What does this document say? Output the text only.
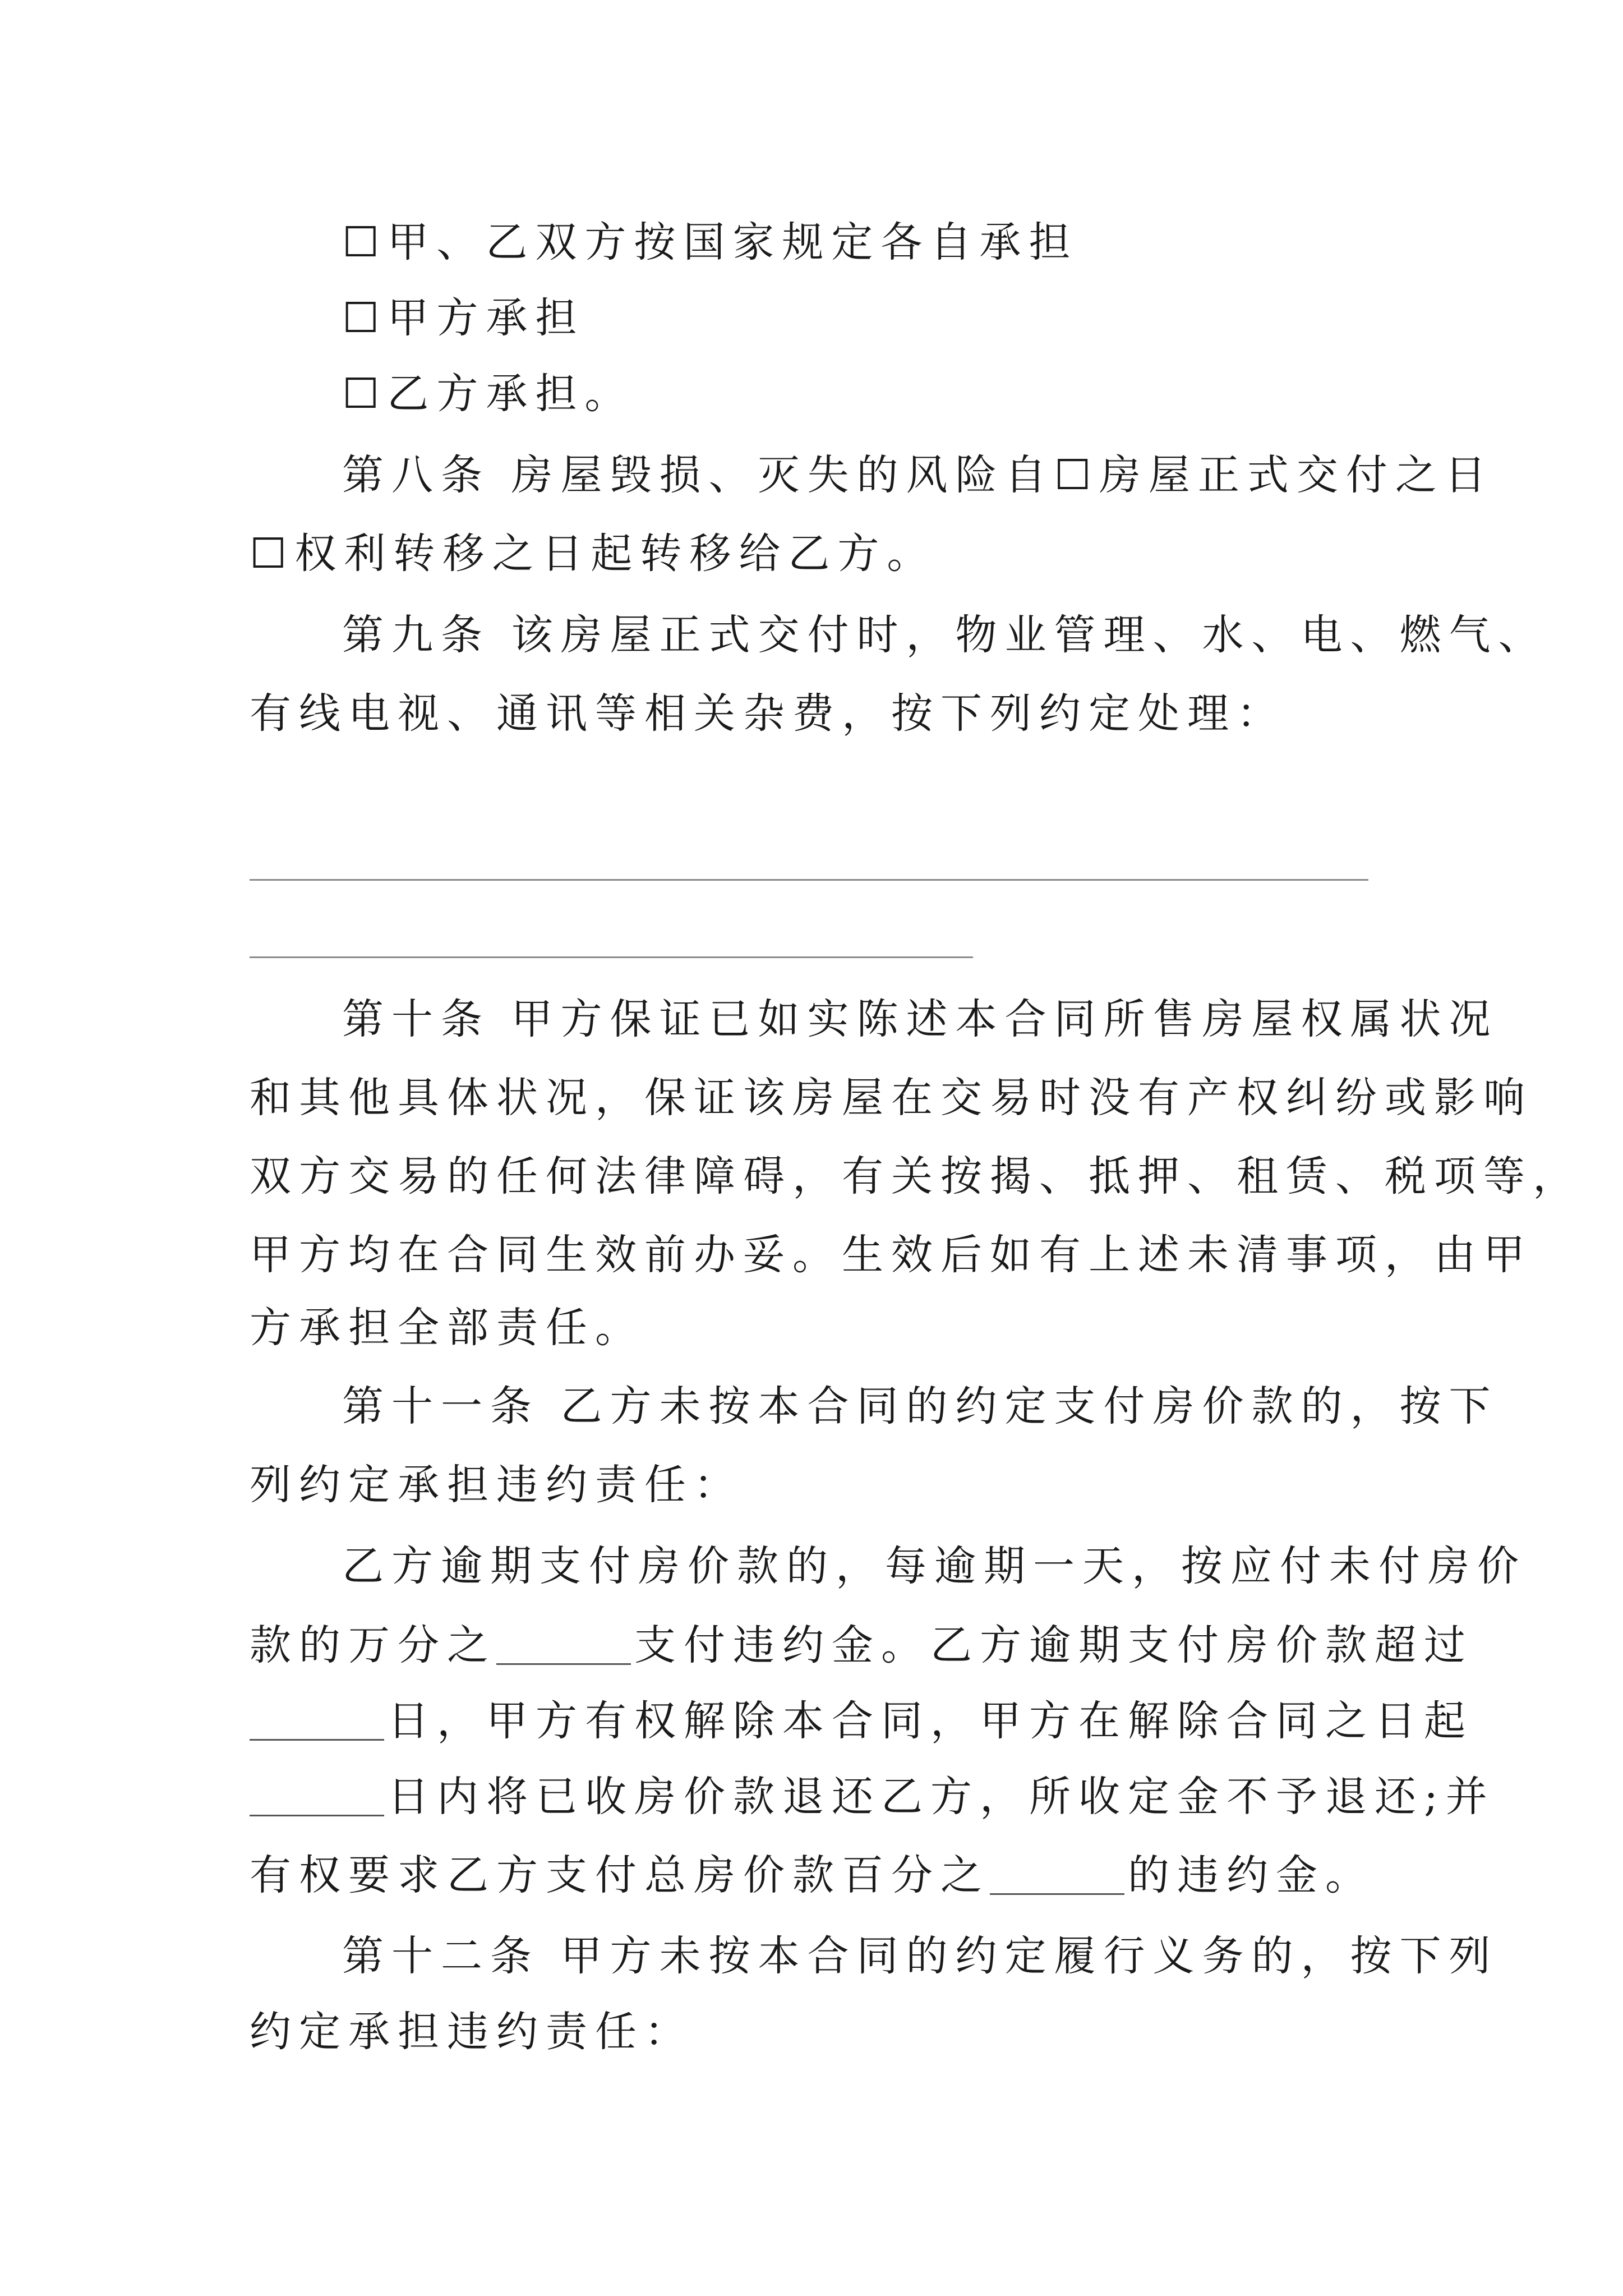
☐甲、乙双方按国家规定各自承担
☐甲方承担
☐乙方承担。
第八条 房屋毁损、灭失的风险自☐房屋正式交付之日
☐权利转移之日起转移给乙方。
第九条 该房屋正式交付时，物业管理、水、电、燃气、
有线电视、通讯等相关杂费，按下列约定处理：
第十条 甲方保证已如实陈述本合同所售房屋权属状况
和其他具体状况，保证该房屋在交易时没有产权纠纷或影响
双方交易的任何法律障碍，有关按揭、抵押、租赁、税项等，
甲方均在合同生效前办妥。生效后如有上述未清事项，由甲
方承担全部责任。
第十一条 乙方未按本合同的约定支付房价款的，按下
列约定承担违约责任：
乙方逾期支付房价款的，每逾期一天，按应付未付房价
款的万分之	支付违约金。乙方逾期支付房价款超过
日，甲方有权解除本合同，甲方在解除合同之日起
日内将已收房价款退还乙方，所收定金不予退还;并
有权要求乙方支付总房价款百分之	的违约金。
第十二条 甲方未按本合同的约定履行义务的，按下列
约定承担违约责任：
